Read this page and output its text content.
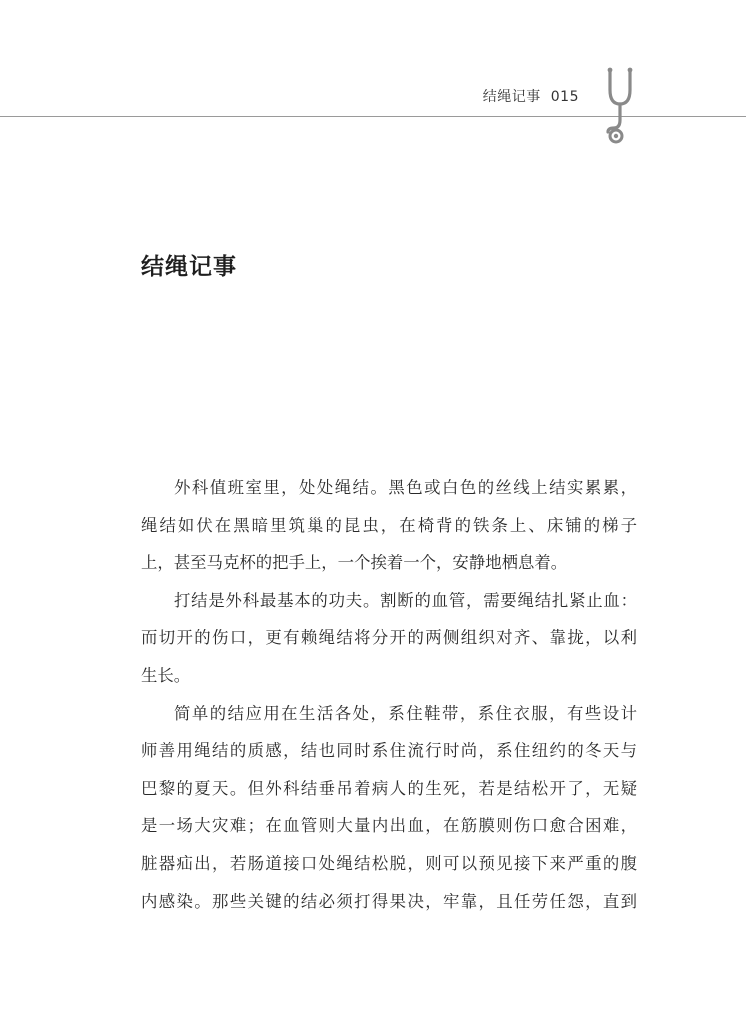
结绳记事 015
结绳记事
外科值班室里，处处绳结。黑色或白色的丝线上结实累累，
绳结如伏在黑暗里筑巢的昆虫，在椅背的铁条上、床铺的梯子
上，甚至马克杯的把手上，一个挨着一个，安静地栖息着。
打结是外科最基本的功夫。割断的血管，需要绳结扎紧止血：
而切开的伤口，更有赖绳结将分开的两侧组织对齐、靠拢，以利
生长。
简单的结应用在生活各处，系住鞋带，系住衣服，有些设计
师善用绳结的质感，结也同时系住流行时尚，系住纽约的冬天与
巴黎的夏天。但外科结垂吊着病人的生死，若是结松开了，无疑
是一场大灾难；在血管则大量内出血，在筋膜则伤口愈合困难，
脏器疝出，若肠道接口处绳结松脱，则可以预见接下来严重的腹
内感染。那些关键的结必须打得果决，牢靠，且任劳任怨，直到
